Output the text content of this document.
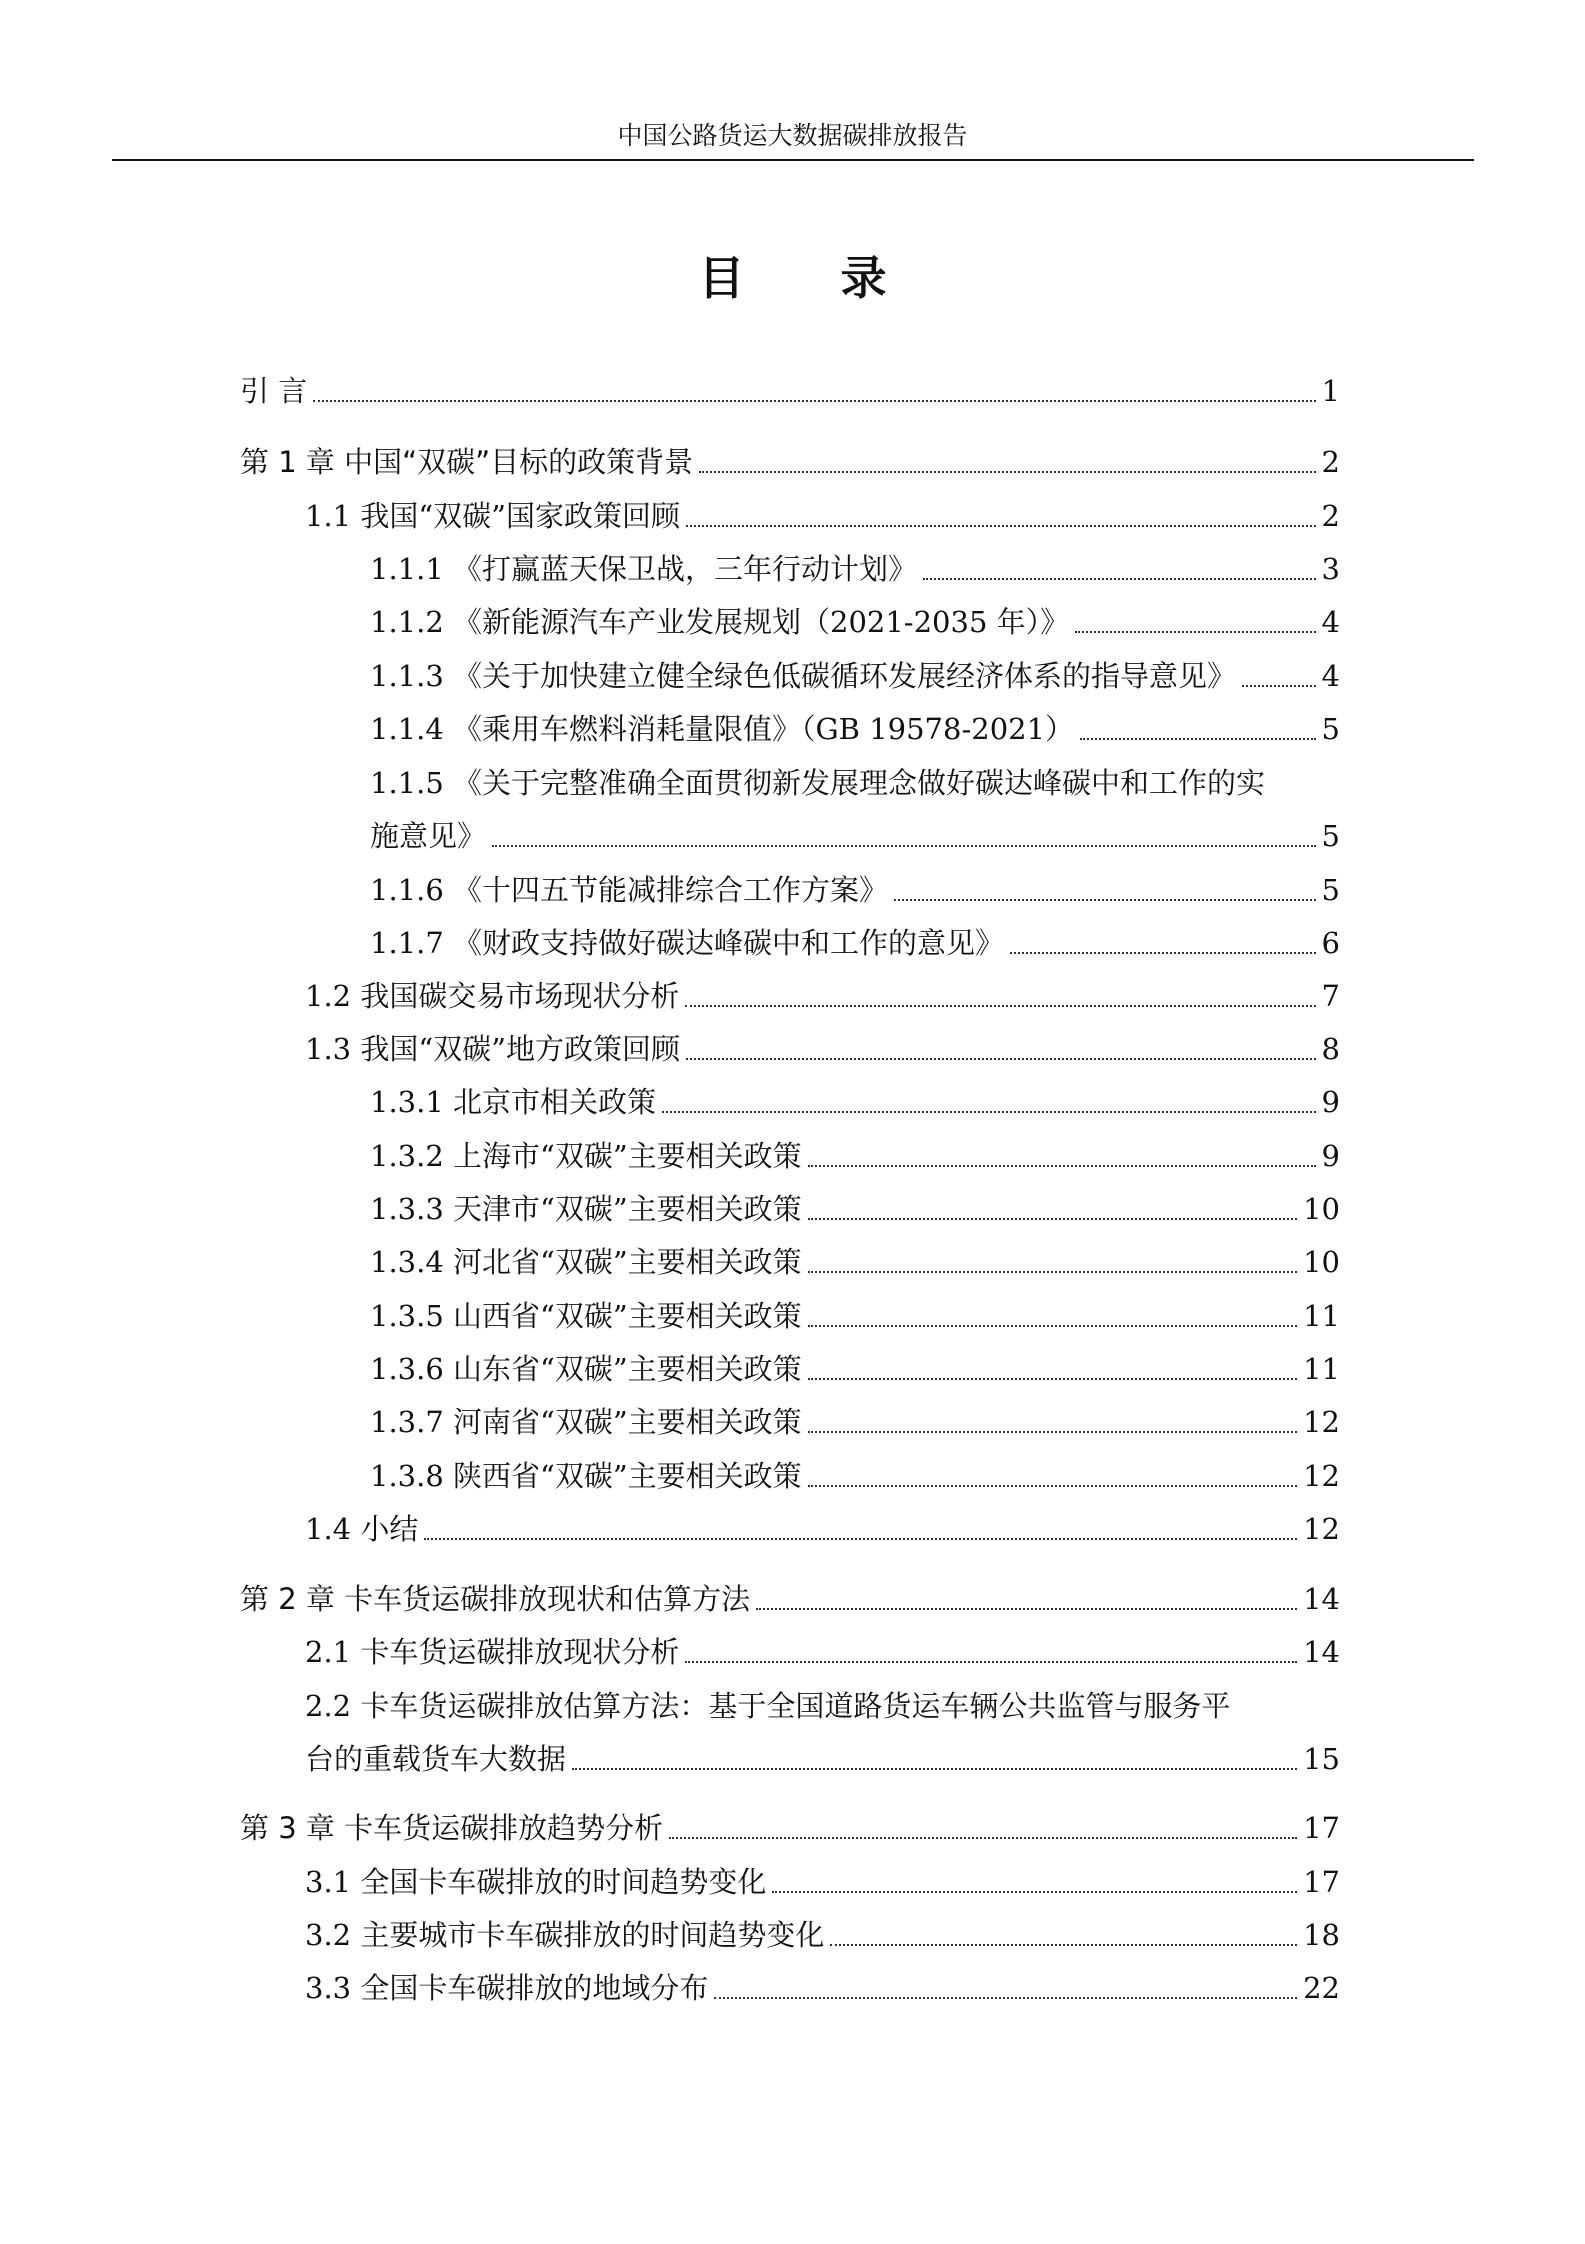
中国公路货运大数据碳排放报告
目 录
引 言	1
第 1 章 中国“双碳”目标的政策背景	2
1.1 我国“双碳”国家政策回顾	2
1.1.1 《打赢蓝天保卫战，三年行动计划》	3
1.1.2 《新能源汽车产业发展规划（2021-2035 年）》	4
1.1.3 《关于加快建立健全绿色低碳循环发展经济体系的指导意见》	4
1.1.4 《乘用车燃料消耗量限值》（GB 19578-2021）	5
1.1.5 《关于完整准确全面贯彻新发展理念做好碳达峰碳中和工作的实
施意见》	5
1.1.6 《十四五节能减排综合工作方案》	5
1.1.7 《财政支持做好碳达峰碳中和工作的意见》	6
1.2 我国碳交易市场现状分析	7
1.3 我国“双碳”地方政策回顾	8
1.3.1 北京市相关政策	9
1.3.2 上海市“双碳”主要相关政策	9
1.3.3 天津市“双碳”主要相关政策	10
1.3.4 河北省“双碳”主要相关政策	10
1.3.5 山西省“双碳”主要相关政策	11
1.3.6 山东省“双碳”主要相关政策	11
1.3.7 河南省“双碳”主要相关政策	12
1.3.8 陕西省“双碳”主要相关政策	12
1.4 小结	12
第 2 章 卡车货运碳排放现状和估算方法	14
2.1 卡车货运碳排放现状分析	14
2.2 卡车货运碳排放估算方法：基于全国道路货运车辆公共监管与服务平
台的重载货车大数据	15
第 3 章 卡车货运碳排放趋势分析	17
3.1 全国卡车碳排放的时间趋势变化	17
3.2 主要城市卡车碳排放的时间趋势变化	18
3.3 全国卡车碳排放的地域分布	22
